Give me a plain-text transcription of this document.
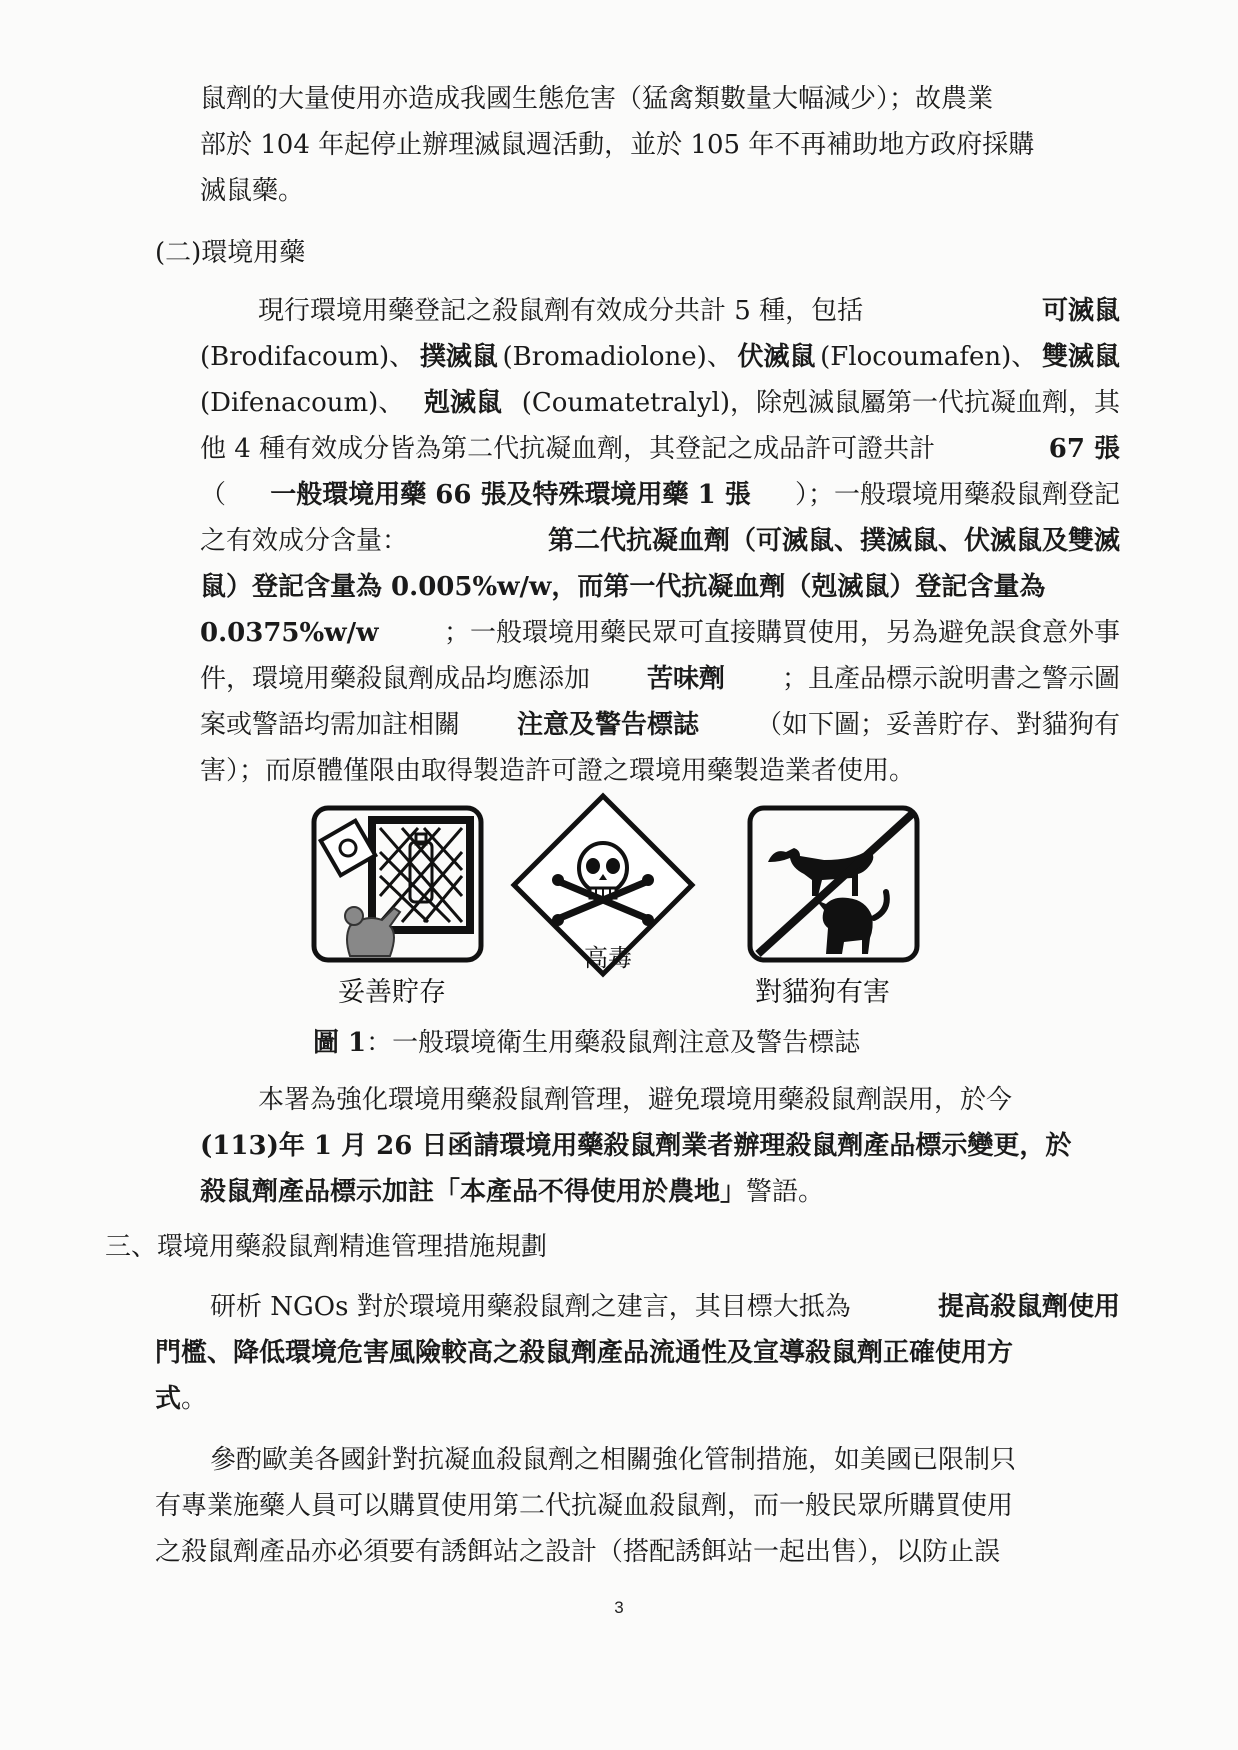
鼠劑的大量使用亦造成我國生態危害（猛禽類數量大幅減少）；故農業
部於 104 年起停止辦理滅鼠週活動，並於 105 年不再補助地方政府採購
滅鼠藥。
(二)環境用藥
現行環境用藥登記之殺鼠劑有效成分共計 5 種，包括	可滅鼠
(Brodifacoum)、 撲滅鼠 (Bromadiolone)、 伏滅鼠 (Flocoumafen)、 雙滅鼠
(Difenacoum)、 剋滅鼠 (Coumatetralyl)，除剋滅鼠屬第一代抗凝血劑，其
他 4 種有效成分皆為第二代抗凝血劑，其登記之成品許可證共計	67 張
（ 一般環境用藥 66 張及特殊環境用藥 1 張 ）；一般環境用藥殺鼠劑登記
之有效成分含量：	第二代抗凝血劑（可滅鼠、撲滅鼠、伏滅鼠及雙滅
鼠）登記含量為 0.005%w/w，而第一代抗凝血劑（剋滅鼠）登記含量為
0.0375%w/w	；一般環境用藥民眾可直接購買使用，另為避免誤食意外事
件，環境用藥殺鼠劑成品均應添加 苦味劑 ；且產品標示說明書之警示圖
案或警語均需加註相關 注意及警告標誌 （如下圖；妥善貯存、對貓狗有
害）；而原體僅限由取得製造許可證之環境用藥製造業者使用。
妥善貯存
高毒
對貓狗有害
圖 1：一般環境衛生用藥殺鼠劑注意及警告標誌
本署為強化環境用藥殺鼠劑管理，避免環境用藥殺鼠劑誤用，於今
(113)年 1 月 26 日函請環境用藥殺鼠劑業者辦理殺鼠劑產品標示變更，於
殺鼠劑產品標示加註「本產品不得使用於農地」警語。
三、環境用藥殺鼠劑精進管理措施規劃
研析 NGOs 對於環境用藥殺鼠劑之建言，其目標大抵為	提高殺鼠劑使用
門檻、降低環境危害風險較高之殺鼠劑產品流通性及宣導殺鼠劑正確使用方
式。
參酌歐美各國針對抗凝血殺鼠劑之相關強化管制措施，如美國已限制只
有專業施藥人員可以購買使用第二代抗凝血殺鼠劑，而一般民眾所購買使用
之殺鼠劑產品亦必須要有誘餌站之設計（搭配誘餌站一起出售），以防止誤
3
